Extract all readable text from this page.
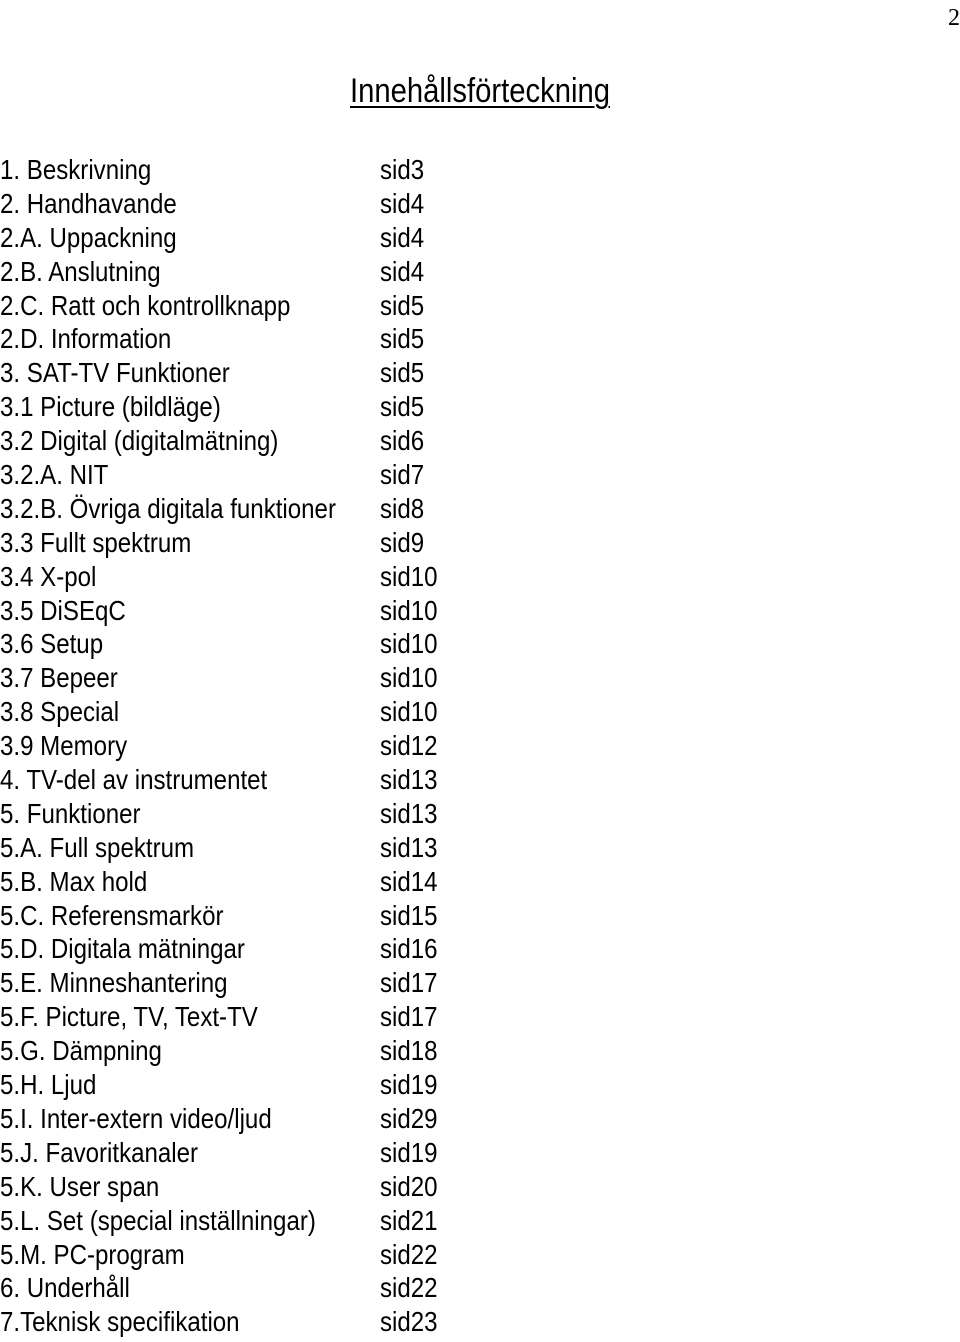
2
Innehållsförteckning
1. Beskrivning	sid3
2. Handhavande	sid4
2.A. Uppackning	sid4
2.B. Anslutning	sid4
2.C. Ratt och kontrollknapp	sid5
2.D. Information	sid5
3. SAT-TV Funktioner	sid5
3.1 Picture (bildläge)	sid5
3.2 Digital (digitalmätning)	sid6
3.2.A. NIT	sid7
3.2.B. Övriga digitala funktioner sid8
3.3 Fullt spektrum	sid9
3.4 X-pol	sid10
3.5 DiSEqC	sid10
3.6 Setup	sid10
3.7 Bepeer	sid10
3.8 Special	sid10
3.9 Memory	sid12
4. TV-del av instrumentet	sid13
5. Funktioner	sid13
5.A. Full spektrum	sid13
5.B. Max hold	sid14
5.C. Referensmarkör	sid15
5.D. Digitala mätningar	sid16
5.E. Minneshantering	sid17
5.F. Picture, TV, Text-TV	sid17
5.G. Dämpning	sid18
5.H. Ljud	sid19
5.I. Inter-extern video/ljud	sid29
5.J. Favoritkanaler	sid19
5.K. User span	sid20
5.L. Set (special inställningar) sid21
5.M. PC-program	sid22
6. Underhåll	sid22
7.Teknisk specifikation	sid23
